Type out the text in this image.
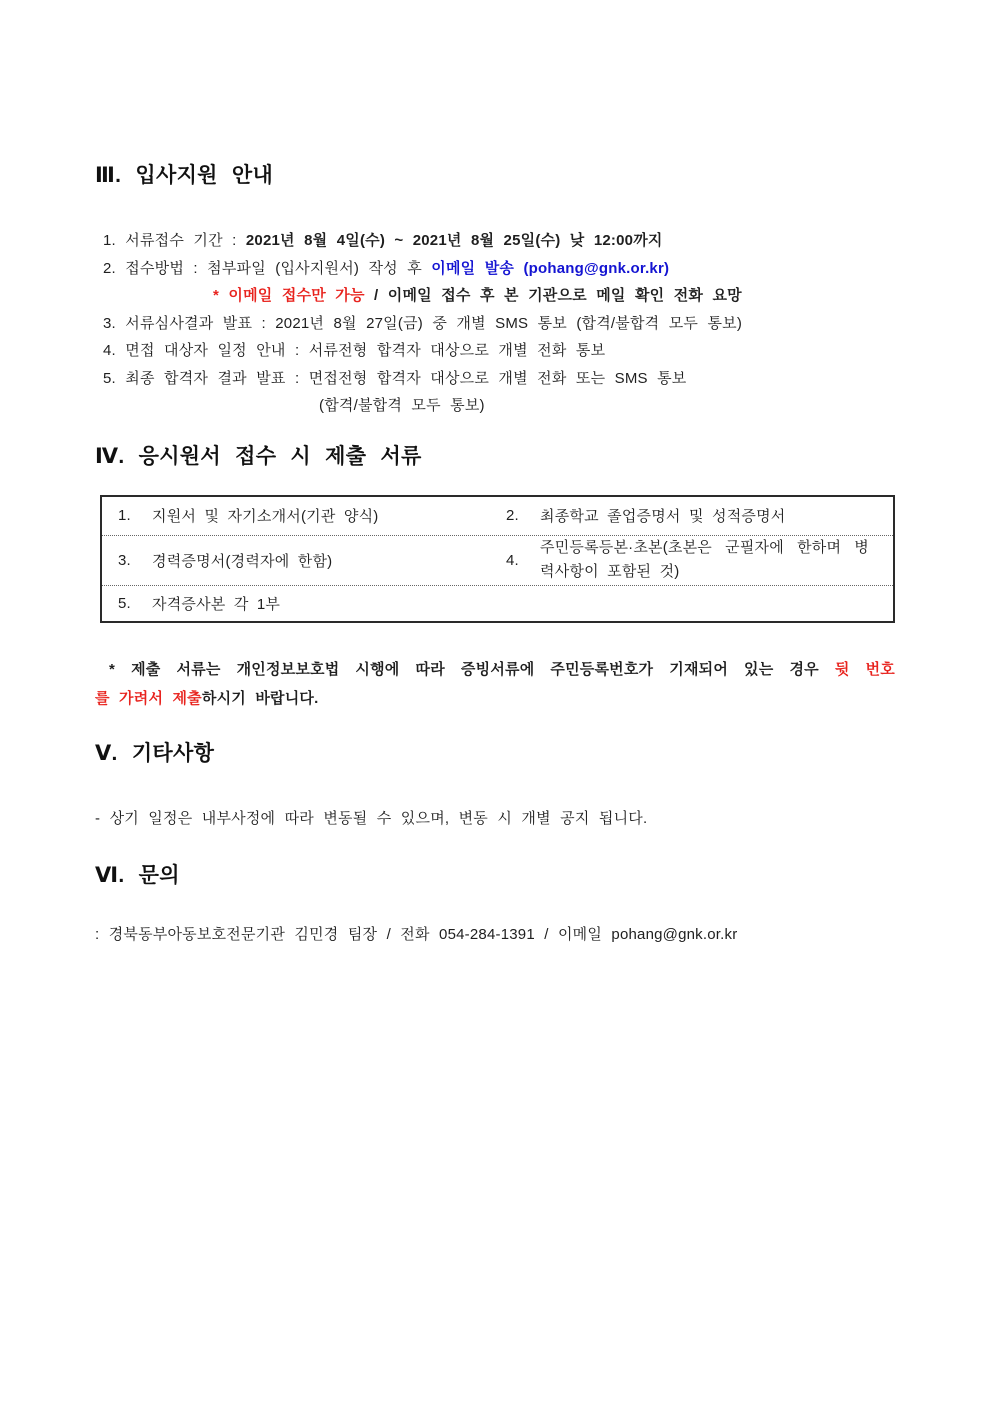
Ⅲ. 입사지원 안내
1. 서류접수 기간 : 2021년 8월 4일(수) ~ 2021년 8월 25일(수) 낮 12:00까지
2. 접수방법 : 첨부파일 (입사지원서) 작성 후 이메일 발송 (pohang@gnk.or.kr)
* 이메일 접수만 가능 / 이메일 접수 후 본 기관으로 메일 확인 전화 요망
3. 서류심사결과 발표 : 2021년 8월 27일(금) 중 개별 SMS 통보 (합격/불합격 모두 통보)
4. 면접 대상자 일정 안내 : 서류전형 합격자 대상으로 개별 전화 통보
5. 최종 합격자 결과 발표 : 면접전형 합격자 대상으로 개별 전화 또는 SMS 통보
(합격/불합격 모두 통보)
Ⅳ. 응시원서 접수 시 제출 서류
1.	지원서 및 자기소개서(기관 양식)	2.	최종학교 졸업증명서 및 성적증명서
3.	경력증명서(경력자에 한함)	4.
주민등록등본·초본(초본은 군필자에 한하며 병력사항이 포함된 것)
5.	자격증사본 각 1부
* 제출 서류는 개인정보보호법 시행에 따라 증빙서류에 주민등록번호가 기재되어 있는 경우 뒷 번호
를 가려서 제출하시기 바랍니다.
Ⅴ. 기타사항
- 상기 일정은 내부사정에 따라 변동될 수 있으며, 변동 시 개별 공지 됩니다.
Ⅵ. 문의
: 경북동부아동보호전문기관 김민경 팀장 / 전화 054-284-1391 / 이메일 pohang@gnk.or.kr
